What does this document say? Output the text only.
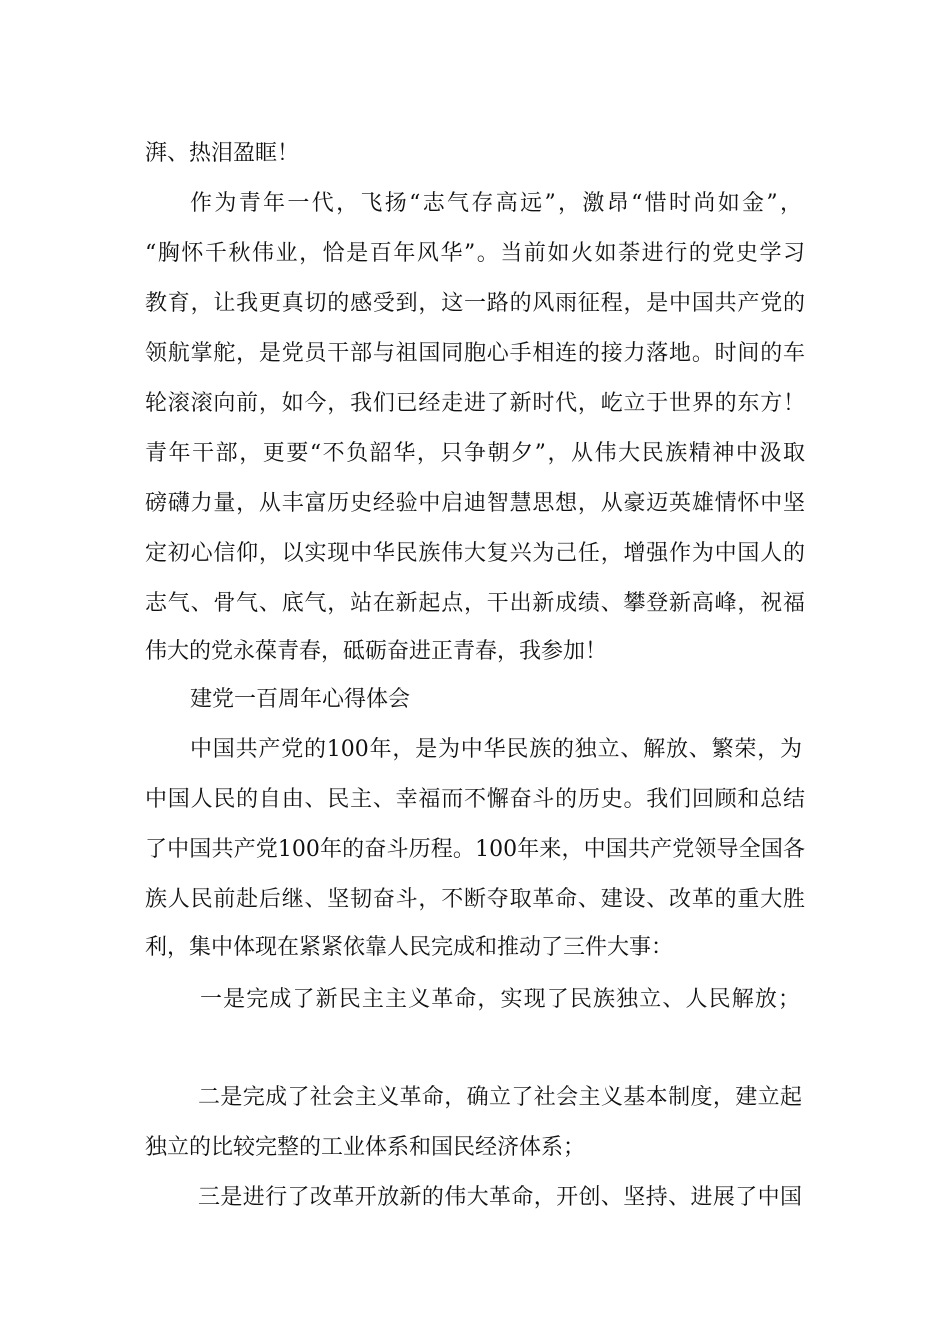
湃、热泪盈眶！
作为青年一代，飞扬“志气存高远”，激昂“惜时尚如金”，
“胸怀千秋伟业，恰是百年风华”。当前如火如荼进行的党史学习
教育，让我更真切的感受到，这一路的风雨征程，是中国共产党的
领航掌舵，是党员干部与祖国同胞心手相连的接力落地。时间的车
轮滚滚向前，如今，我们已经走进了新时代，屹立于世界的东方！
青年干部，更要“不负韶华，只争朝夕”，从伟大民族精神中汲取
磅礴力量，从丰富历史经验中启迪智慧思想，从豪迈英雄情怀中坚
定初心信仰，以实现中华民族伟大复兴为己任，增强作为中国人的
志气、骨气、底气，站在新起点，干出新成绩、攀登新高峰，祝福
伟大的党永葆青春，砥砺奋进正青春，我参加！
建党一百周年心得体会
中国共产党的100年，是为中华民族的独立、解放、繁荣，为
中国人民的自由、民主、幸福而不懈奋斗的历史。我们回顾和总结
了中国共产党100年的奋斗历程。100年来，中国共产党领导全国各
族人民前赴后继、坚韧奋斗，不断夺取革命、建设、改革的重大胜
利，集中体现在紧紧依靠人民完成和推动了三件大事：
一是完成了新民主主义革命，实现了民族独立、人民解放；
二是完成了社会主义革命，确立了社会主义基本制度，建立起
独立的比较完整的工业体系和国民经济体系；
三是进行了改革开放新的伟大革命，开创、坚持、进展了中国
